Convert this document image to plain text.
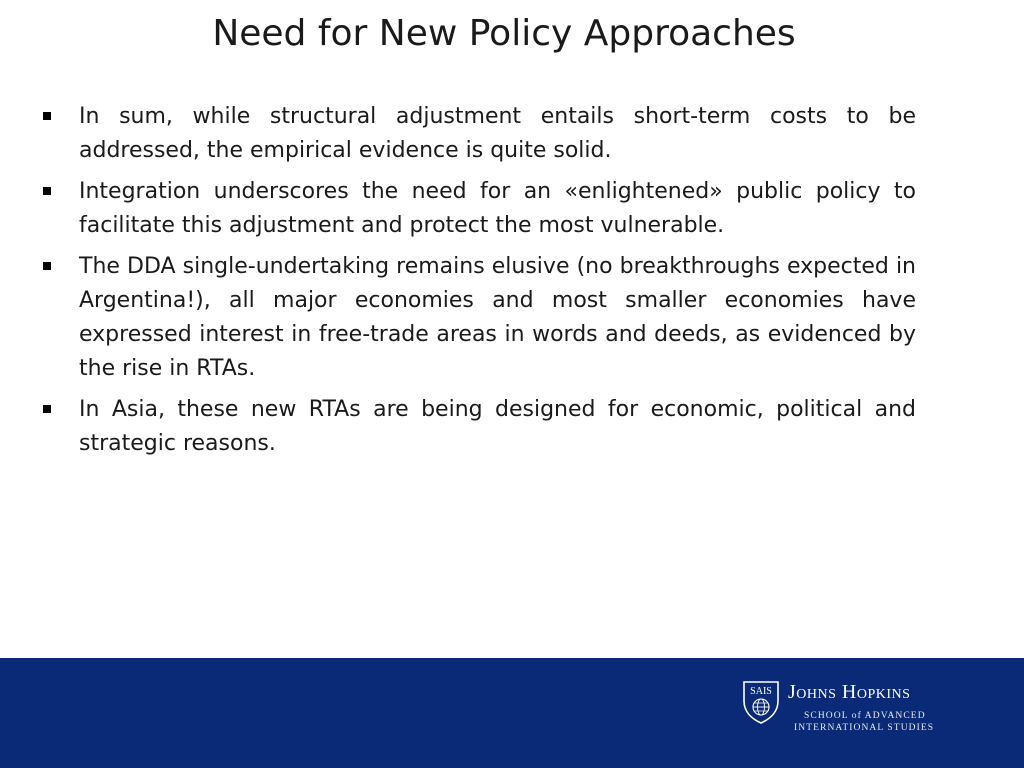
Need for New Policy Approaches
In sum, while structural adjustment entails short-term costs to be addressed, the empirical evidence is quite solid.
Integration underscores the need for an «enlightened» public policy to facilitate this adjustment and protect the most vulnerable.
The DDA single-undertaking remains elusive (no breakthroughs expected in Argentina!), all major economies and most smaller economies have expressed interest in free-trade areas in words and deeds, as evidenced by the rise in RTAs.
In Asia, these new RTAs are being designed for economic, political and strategic reasons.
SAIS Johns Hopkins
SCHOOL of ADVANCED
INTERNATIONAL STUDIES
